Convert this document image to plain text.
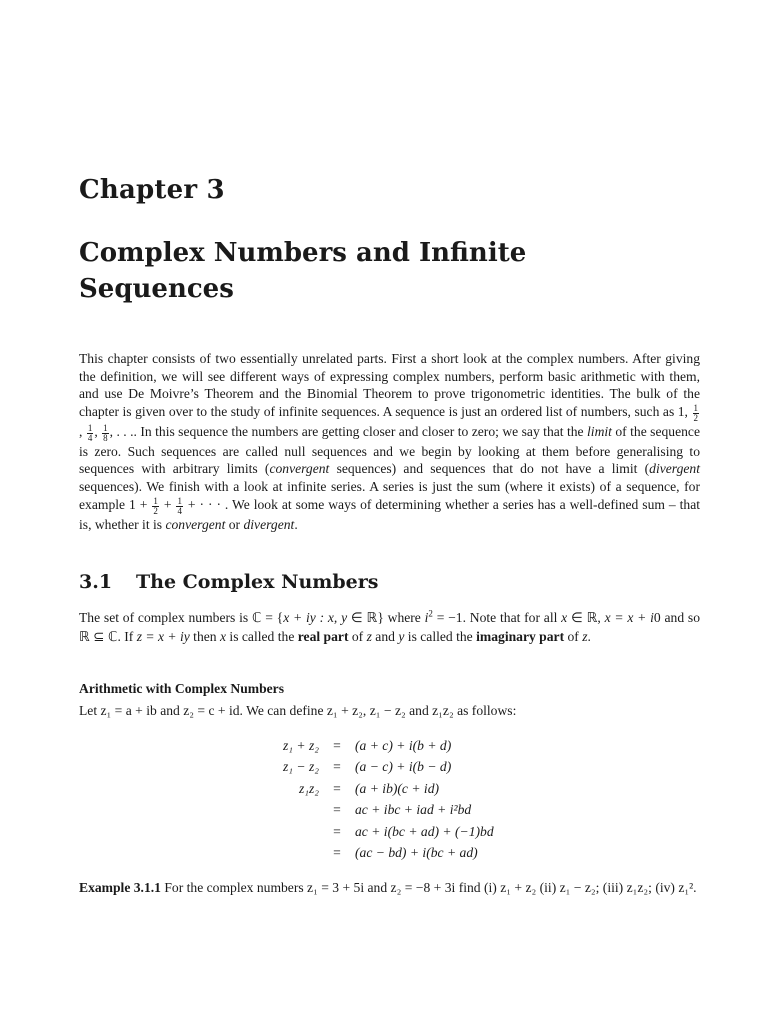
Chapter 3
Complex Numbers and Infinite Sequences
This chapter consists of two essentially unrelated parts. First a short look at the complex numbers. After giving the definition, we will see different ways of expressing complex numbers, perform basic arithmetic with them, and use De Moivre’s Theorem and the Binomial Theorem to prove trigonometric identities. The bulk of the chapter is given over to the study of infinite sequences. A sequence is just an ordered list of numbers, such as 1, $\frac{1}{2}$
, $\frac{1}{4}$ , $\frac{1}{8}$ , . . .. In this sequence the numbers are getting closer and closer to zero; we say that the limit of the sequence is zero. Such sequences are called null sequences and we begin by looking at them before generalising to sequences with arbitrary limits (convergent sequences) and sequences that do not have a limit (divergent sequences). We finish with a look at infinite series. A series is just the sum (where it exists) of a sequence, for example $1 + \frac{1}{2} + \frac{1}{4}$ + · · · . We look at some ways of determining whether a series has a well-defined sum – that is, whether it is convergent or divergent.
3.1 The Complex Numbers
The set of complex numbers is ℂ = {x + iy : x, y ∈ ℝ} where $i^2 = -1$. Note that for all x ∈ ℝ, x = x + i0 and so ℝ ⊆ ℂ. If z = x + iy then x is called the real part of z and y is called the imaginary part of z.
Arithmetic with Complex Numbers
Let z₁ = a + ib and z₂ = c + id. We can define z₁ + z₂, z₁ − z₂ and z₁z₂ as follows:
z₁ + z₂	=	(a + c) + i(b + d)
z₁ − z₂	=	(a − c) + i(b − d)
z₁z₂	=	(a + ib)(c + id)
	=	ac + ibc + iad + i²bd
	=	ac + i(bc + ad) + (−1)bd
	=	(ac − bd) + i(bc + ad)
Example 3.1.1 For the complex numbers z₁ = 3 + 5i and z₂ = −8 + 3i find (i) z₁ + z₂ (ii) z₁ − z₂; (iii) z₁z₂; (iv) z₁².
